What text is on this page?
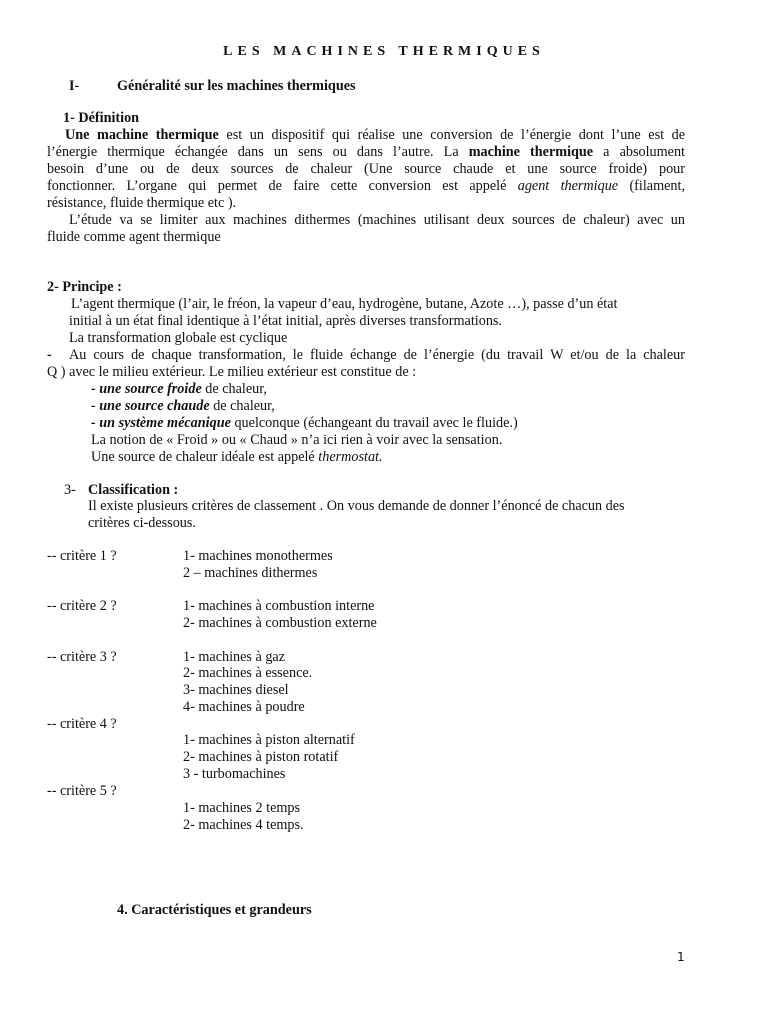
LES MACHINES THERMIQUES
I-	Généralité sur les machines thermiques
1- Définition
Une machine thermique est un dispositif qui réalise une conversion de l’énergie dont l’une est de
l’énergie thermique échangée dans un sens ou dans l’autre. La machine thermique a absolument
besoin d’une ou de deux sources de chaleur (Une source chaude et une source froide) pour
fonctionner. L’organe qui permet de faire cette conversion est appelé agent thermique (filament,
résistance, fluide thermique etc ).
L’étude va se limiter aux machines dithermes (machines utilisant deux sources de chaleur) avec un
fluide comme agent thermique
2- Principe :
L’agent thermique (l’air, le fréon, la vapeur d’eau, hydrogène, butane, Azote …), passe d’un état
initial à un état final identique à l’état initial, après diverses transformations.
La transformation globale est cyclique
- Au cours de chaque transformation, le fluide échange de l’énergie (du travail W et/ou de la chaleur
Q ) avec le milieu extérieur. Le milieu extérieur est constitue de :
- une source froide de chaleur,
- une source chaude de chaleur,
- un système mécanique quelconque (échangeant du travail avec le fluide.)
La notion de « Froid » ou « Chaud » n’a ici rien à voir avec la sensation.
Une source de chaleur idéale est appelé thermostat.
3- Classification :
Il existe plusieurs critères de classement . On vous demande de donner l’énoncé de chacun des
critères ci-dessous.
-- critère 1 ?	1- machines monothermes
2 – machines dithermes
-- critère 2 ?	1- machines à combustion interne
2- machines à combustion externe
-- critère 3 ?	1- machines à gaz
2- machines à essence.
3- machines diesel
4- machines à poudre
-- critère 4 ?
1- machines à piston alternatif
2- machines à piston rotatif
3 - turbomachines
-- critère 5 ?
1- machines 2 temps
2- machines 4 temps.
4. Caractéristiques et grandeurs
1
